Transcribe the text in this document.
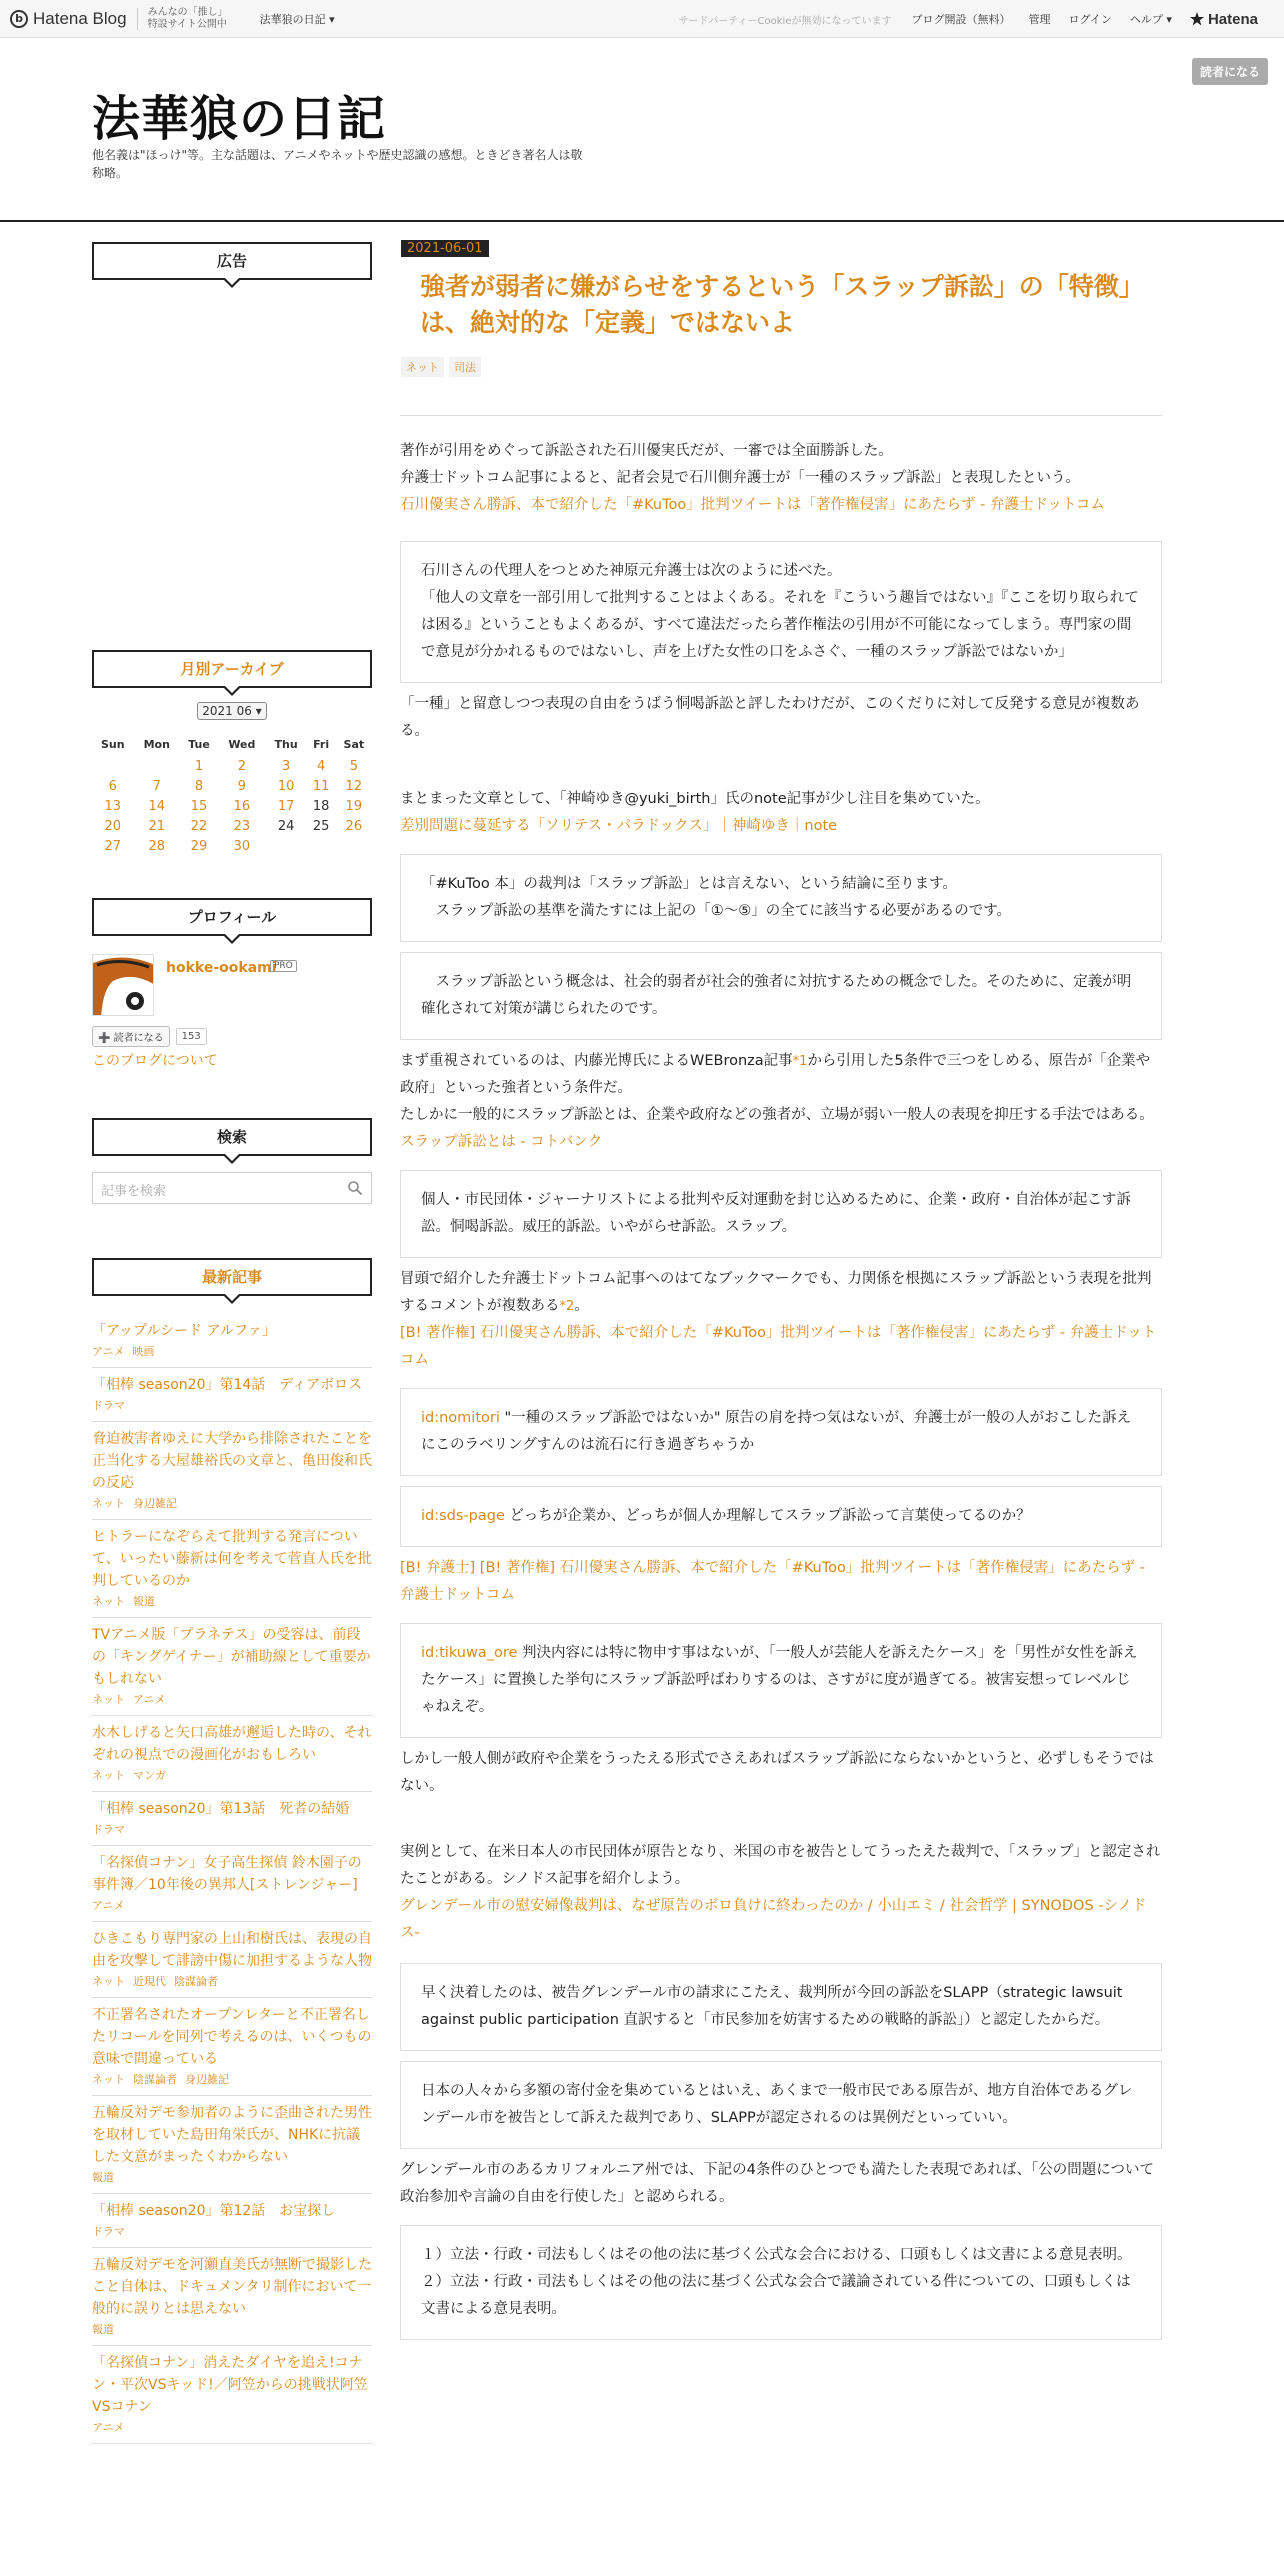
b Hatena Blog みんなの「推し」
特設サイト公開中	法華狼の日記 ▾	サードパーティーCookieが無効になっています ブログ開設（無料） 管理 ログイン ヘルプ ▾ Hatena
法華狼の日記
他名義は"ほっけ"等。主な話題は、アニメやネットや歴史認識の感想。ときどき著名人は敬称略。
読者になる
広告
月別アーカイブ
2021 06 ▾
Sun	Mon	Tue	Wed	Thu	Fri	Sat
		1	2	3	4	5
6	7	8	9	10	11	12
13	14	15	16	17	18	19
20	21	22	23	24	25	26
27	28	29	30			
プロフィール
hokke-ookami
PRO
➕ 読者になる	153
このブログについて
検索
記事を検索
最新記事
「アップルシード アルファ」
アニメ 映画
「相棒 season20」第14話　ディアボロス
ドラマ
脅迫被害者ゆえに大学から排除されたことを正当化する大屋雄裕氏の文章と、亀田俊和氏の反応
ネット 身辺雑記
ヒトラーになぞらえて批判する発言について、いったい藤新は何を考えて菅直人氏を批判しているのか
ネット 報道
TVアニメ版「プラネテス」の受容は、前段の「キングゲイナー」が補助線として重要かもしれない
ネット アニメ
水木しげると矢口高雄が邂逅した時の、それぞれの視点での漫画化がおもしろい
ネット マンガ
「相棒 season20」第13話　死者の結婚
ドラマ
「名探偵コナン」女子高生探偵 鈴木園子の事件簿／10年後の異邦人[ストレンジャー]
アニメ
ひきこもり専門家の上山和樹氏は、表現の自由を攻撃して誹謗中傷に加担するような人物
ネット 近現代 陰謀論者
不正署名されたオープンレターと不正署名したリコールを同列で考えるのは、いくつもの意味で間違っている
ネット 陰謀論者 身辺雑記
五輪反対デモ参加者のように歪曲された男性を取材していた島田角栄氏が、NHKに抗議した文意がまったくわからない
報道
「相棒 season20」第12話　お宝探し
ドラマ
五輪反対デモを河瀬直美氏が無断で撮影したこと自体は、ドキュメンタリ制作において一般的に誤りとは思えない
報道
「名探偵コナン」消えたダイヤを追え!コナン・平次VSキッド!／阿笠からの挑戦状阿笠VSコナン
アニメ
2021-06-01
強者が弱者に嫌がらせをするという「スラップ訴訟」の「特徴」は、絶対的な「定義」ではないよ
ネット	司法

著作が引用をめぐって訴訟された石川優実氏だが、一審では全面勝訴した。

弁護士ドットコム記事によると、記者会見で石川側弁護士が「一種のスラップ訴訟」と表現したという。

石川優実さん勝訴、本で紹介した「#KuToo」批判ツイートは「著作権侵害」にあたらず - 弁護士ドットコム
石川さんの代理人をつとめた神原元弁護士は次のように述べた。
「他人の文章を一部引用して批判することはよくある。それを『こういう趣旨ではない』『ここを切り取られては困る』ということもよくあるが、すべて違法だったら著作権法の引用が不可能になってしまう。専門家の間で意見が分かれるものではないし、声を上げた女性の口をふさぐ、一種のスラップ訴訟ではないか」

「一種」と留意しつつ表現の自由をうばう恫喝訴訟と評したわけだが、このくだりに対して反発する意見が複数ある。

まとまった文章として、「神崎ゆき@yuki_birth」氏のnote記事が少し注目を集めていた。

差別問題に蔓延する「ソリテス・パラドックス」｜神崎ゆき｜note
「#KuToo 本」の裁判は「スラップ訴訟」とは言えない、という結論に至ります。
　スラップ訴訟の基準を満たすには上記の「①〜⑤」の全てに該当する必要があるのです。
　スラップ訴訟という概念は、社会的弱者が社会的強者に対抗するための概念でした。そのために、定義が明確化されて対策が講じられたのです。

まず重視されているのは、内藤光博氏によるWEBronza記事*1から引用した5条件で三つをしめる、原告が「企業や政府」といった強者という条件だ。

たしかに一般的にスラップ訴訟とは、企業や政府などの強者が、立場が弱い一般人の表現を抑圧する手法ではある。

スラップ訴訟とは - コトバンク
個人・市民団体・ジャーナリストによる批判や反対運動を封じ込めるために、企業・政府・自治体が起こす訴訟。恫喝訴訟。威圧的訴訟。いやがらせ訴訟。スラップ。

冒頭で紹介した弁護士ドットコム記事へのはてなブックマークでも、力関係を根拠にスラップ訴訟という表現を批判するコメントが複数ある*2。

[B! 著作権] 石川優実さん勝訴、本で紹介した「#KuToo」批判ツイートは「著作権侵害」にあたらず - 弁護士ドットコム
id:nomitori "一種のスラップ訴訟ではないか" 原告の肩を持つ気はないが、弁護士が一般の人がおこした訴えにこのラベリングすんのは流石に行き過ぎちゃうか
id:sds-page どっちが企業か、どっちが個人か理解してスラップ訴訟って言葉使ってるのか？
[B! 弁護士] [B! 著作権] 石川優実さん勝訴、本で紹介した「#KuToo」批判ツイートは「著作権侵害」にあたらず - 弁護士ドットコム
id:tikuwa_ore 判決内容には特に物申す事はないが、「一般人が芸能人を訴えたケース」を「男性が女性を訴えたケース」に置換した挙句にスラップ訴訟呼ばわりするのは、さすがに度が過ぎてる。被害妄想ってレベルじゃねえぞ。

しかし一般人側が政府や企業をうったえる形式でさえあればスラップ訴訟にならないかというと、必ずしもそうではない。

実例として、在米日本人の市民団体が原告となり、米国の市を被告としてうったえた裁判で、「スラップ」と認定されたことがある。シノドス記事を紹介しよう。

グレンデール市の慰安婦像裁判は、なぜ原告のボロ負けに終わったのか / 小山エミ / 社会哲学 | SYNODOS -シノドス-
早く決着したのは、被告グレンデール市の請求にこたえ、裁判所が今回の訴訟をSLAPP（strategic lawsuit against public participation 直訳すると「市民参加を妨害するための戦略的訴訟」）と認定したからだ。
日本の人々から多額の寄付金を集めているとはいえ、あくまで一般市民である原告が、地方自治体であるグレンデール市を被告として訴えた裁判であり、SLAPPが認定されるのは異例だといっていい。

グレンデール市のあるカリフォルニア州では、下記の4条件のひとつでも満たした表現であれば、「公の問題について政治参加や言論の自由を行使した」と認められる。

１）立法・行政・司法もしくはその他の法に基づく公式な会合における、口頭もしくは文書による意見表明。
２）立法・行政・司法もしくはその他の法に基づく公式な会合で議論されている件についての、口頭もしくは文書による意見表明。
